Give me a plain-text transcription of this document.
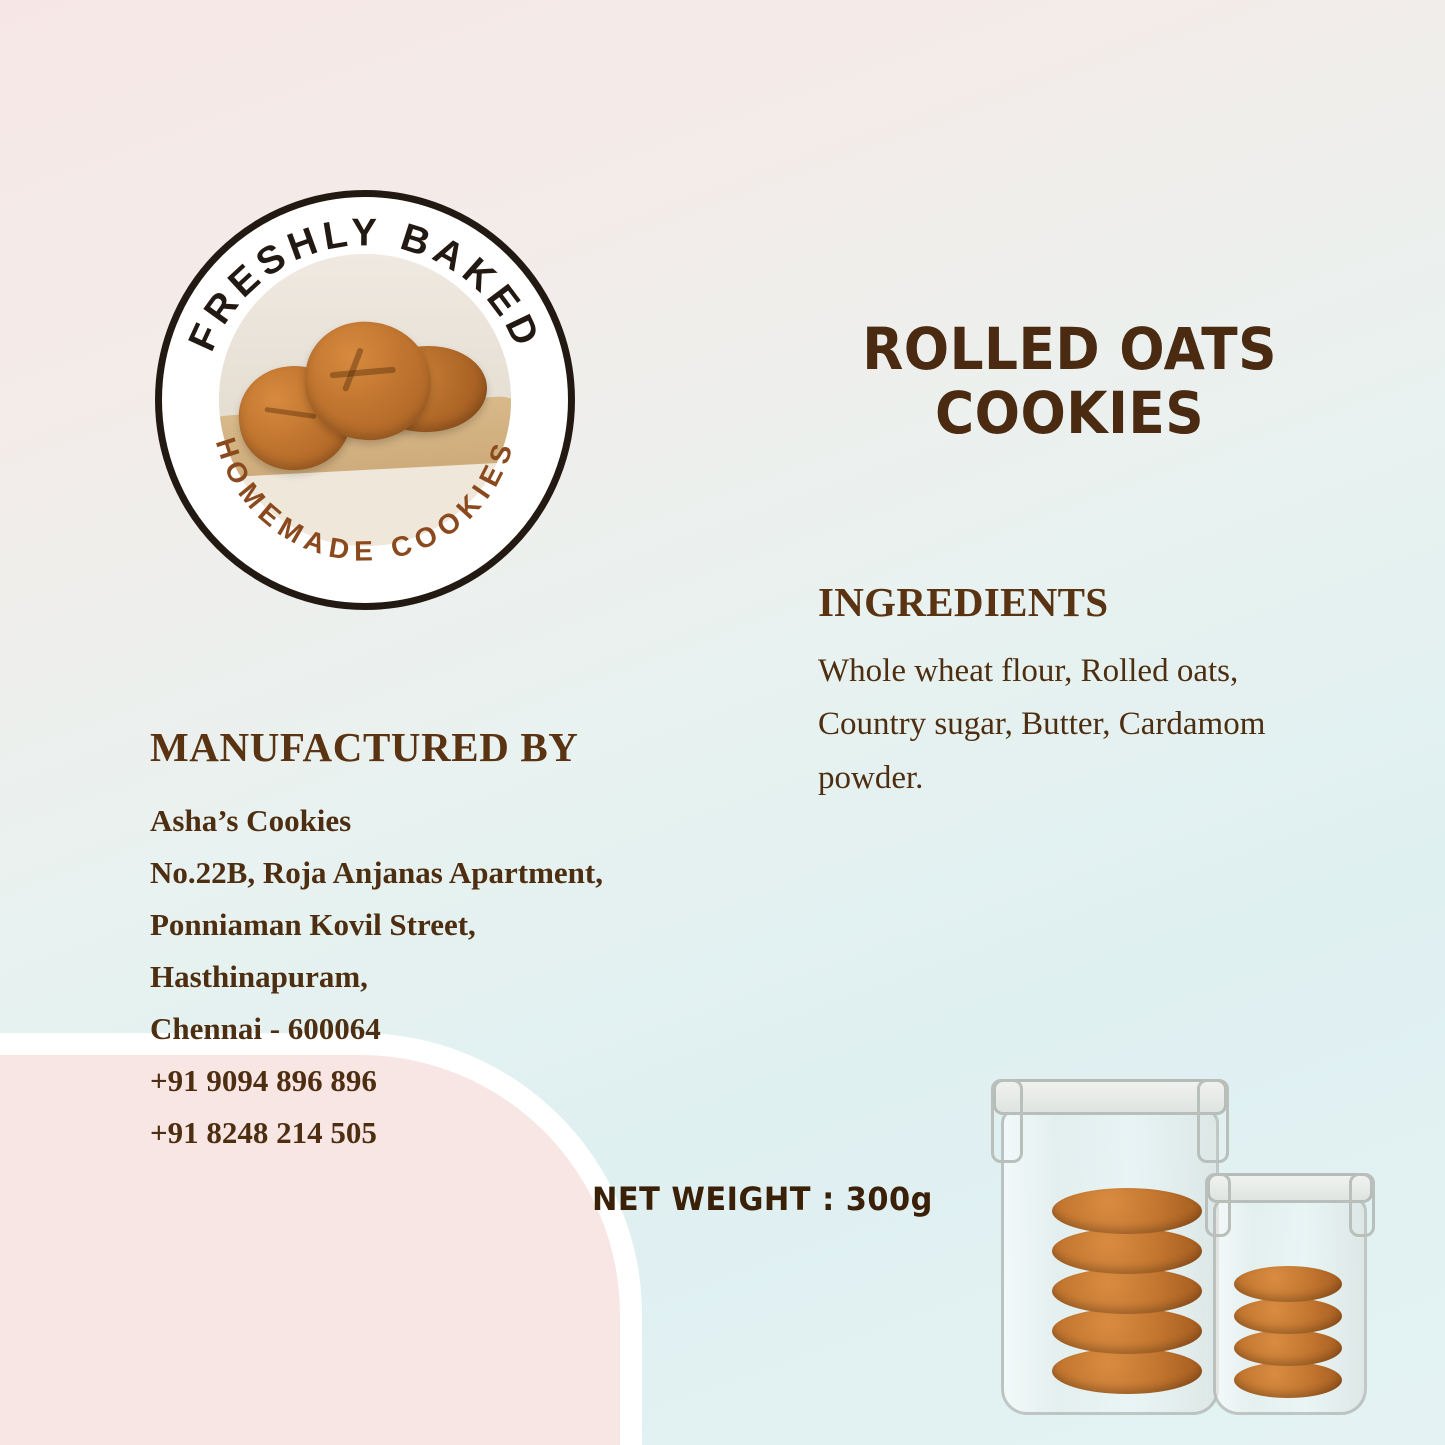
FRESHLY BAKED
HOMEMADE COOKIES
ROLLED OATS
COOKIES
INGREDIENTS
Whole wheat flour, Rolled oats, Country sugar, Butter, Cardamom powder.
MANUFACTURED BY
Asha’s Cookies
No.22B, Roja Anjanas Apartment,
Ponniaman Kovil Street,
Hasthinapuram,
Chennai - 600064
+91 9094 896 896
+91 8248 214 505
NET WEIGHT : 300g
